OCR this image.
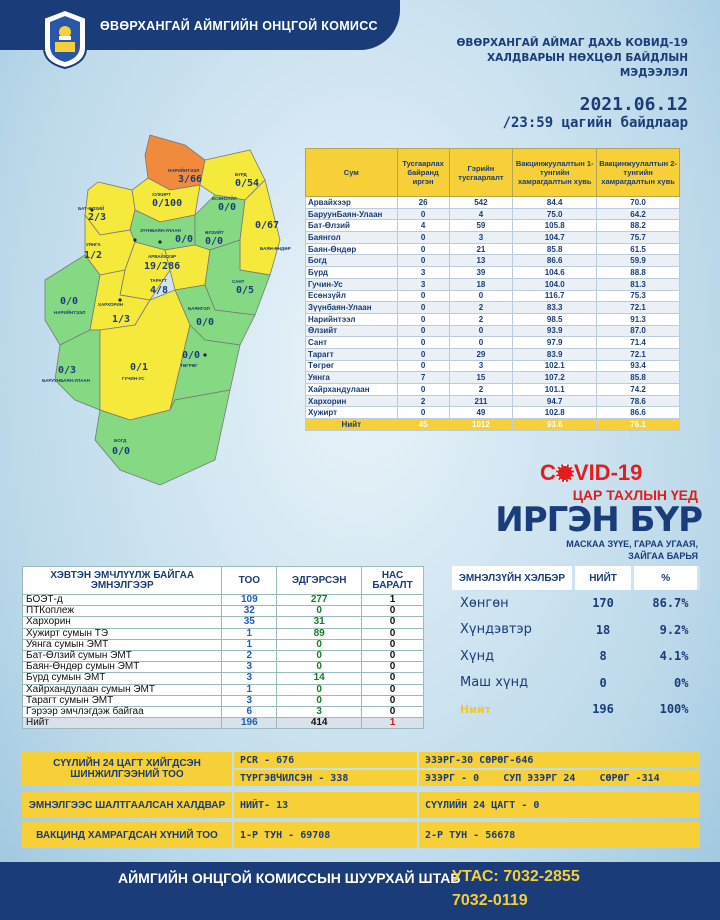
ӨВӨРХАНГАЙ АЙМГИЙН ОНЦГОЙ КОМИСС
ӨВӨРХАНГАЙ АЙМАГ ДАХЬ КОВИД-19
ХАЛДВАРЫН НӨХЦӨЛ БАЙДЛЫН МЭДЭЭЛЭЛ
2021.06.12
/23:59 цагийн байдлаар
НАРИЙНТЭЭЛ
3/66
ХУЖИРТ
0/100
БҮРД
0/54
БАТ-ӨЛЗИЙ
2/3
ЗҮҮНБАЯН-УЛААН
0/0
ӨЛЗИЙТ
0/0
ЕСӨНЗҮЙЛ
0/0
0/67
БАЯН-ӨНДӨР
УЯНГА
1/2	АРВАЙХЭЭР
19/286
ТАРАГТ
4/8
ХАРХОРИН
1/3
НАРИЙНТЭЭЛ
0/0
САНТ
0/5
БАЯНГОЛ
0/0
БАРУУНБАЯН-УЛААН
0/3
ГУЧИН-УС
0/1	ТӨГРӨГ
0/0
БОГД
0/0
Сум	Тусгаарлах байранд иргэн	Гэрийн тусгаарлалт	Вакцинжуулалтын 1-тунгийн хамрагдалтын хувь	Вакцинжуулалтын 2-тунгийн хамрагдалтын хувь
Арвайхээр	26	542	84.4	70.0
БаруунБаян-Улаан	0	4	75.0	64.2
Бат-Өлзий	4	59	105.8	88.2
Баянгол	0	3	104.7	75.7
Баян-Өндөр	0	21	85.8	61.5
Богд	0	13	86.6	59.9
Бүрд	3	39	104.6	88.8
Гучин-Ус	3	18	104.0	81.3
Есөнзүйл	0	0	116.7	75.3
Зүүнбаян-Улаан	0	2	83.3	72.1
Нарийнтээл	0	2	98.5	91.3
Өлзийт	0	0	93.9	87.0
Сант	0	0	97.9	71.4
Тарагт	0	29	83.9	72.1
Төгрөг	0	3	102.1	93.4
Уянга	7	15	107.2	85.8
Хайрхандулаан	0	2	101.1	74.2
Хархорин	2	211	94.7	78.6
Хужирт	0	49	102.8	86.6
Нийт	45	1012	93.6	76.1
C VID-19
ЦАР ТАХЛЫН ҮЕД
ИРГЭН БҮР
МАСКАА ЗҮҮЕ, ГАРАА УГААЯ,
ЗАЙГАА БАРЬЯ
ХЭВТЭН ЭМЧЛҮҮЛЖ БАЙГАА ЭМНЭЛГЭЭР	ТОО	ЭДГЭРСЭН	НАС БАРАЛТ
БОЭТ-д	109	277	1
ПТКоплеж	32	0	0
Хархорин	35	31	0
Хужирт сумын ТЭ	1	89	0
Уянга сумын ЭМТ	1	0	0
Бат-Өлзий сумын ЭМТ	2	0	0
Баян-Өндөр сумын ЭМТ	3	0	0
Бүрд сумын ЭМТ	3	14	0
Хайрхандулаан сумын ЭМТ	1	0	0
Тарагт сумын ЭМТ	3	0	0
Гэрээр эмчлэгдэж байгаа	6	3	0
Нийт	196	414	1
ЭМНЭЛЗҮЙН ХЭЛБЭР	НИЙТ	%
Хөнгөн	170	86.7%
Хүндэвтэр	18	9.2%
Хүнд	8	4.1%
Маш хүнд	0	0%
Нийт	196	100%
СҮҮЛИЙН 24 ЦАГТ ХИЙГДСЭН ШИНЖИЛГЭЭНИЙ ТОО
PCR - 676
ТҮРГЭВЧИЛСЭН - 338
ЭЗЭРГ-30 СӨРӨГ-646
ЭЗЭРГ - 0 СУП ЭЗЭРГ 24 СӨРӨГ -314
ЭМНЭЛГЭЭС ШАЛТГААЛСАН ХАЛДВАР	НИЙТ- 13	СҮҮЛИЙН 24 ЦАГТ - 0
ВАКЦИНД ХАМРАГДСАН ХҮНИЙ ТОО	1-Р ТУН - 69708	2-Р ТУН - 56678
АЙМГИЙН ОНЦГОЙ КОМИССЫН ШУУРХАЙ ШТАБ
УТАС: 7032-2855
7032-0119
